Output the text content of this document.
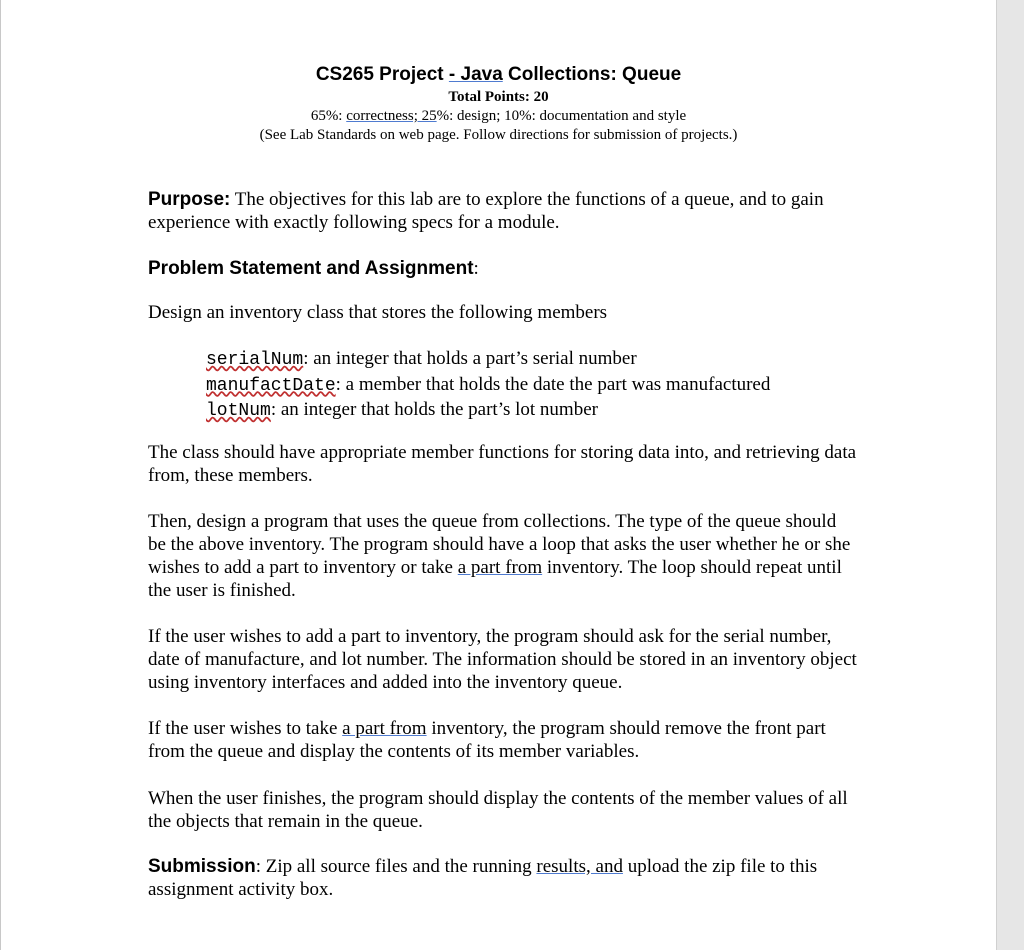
CS265 Project - Java Collections: Queue
Total Points: 20
65%: correctness; 25%: design; 10%: documentation and style
(See Lab Standards on web page. Follow directions for submission of projects.)
Purpose: The objectives for this lab are to explore the functions of a queue, and to gain experience with exactly following specs for a module.
Problem Statement and Assignment:
Design an inventory class that stores the following members
serialNum: an integer that holds a part’s serial number
manufactDate: a member that holds the date the part was manufactured
lotNum: an integer that holds the part’s lot number
The class should have appropriate member functions for storing data into, and retrieving data from, these members.
Then, design a program that uses the queue from collections. The type of the queue should be the above inventory. The program should have a loop that asks the user whether he or she wishes to add a part to inventory or take a part from inventory. The loop should repeat until the user is finished.
If the user wishes to add a part to inventory, the program should ask for the serial number, date of manufacture, and lot number. The information should be stored in an inventory object using inventory interfaces and added into the inventory queue.
If the user wishes to take a part from inventory, the program should remove the front part from the queue and display the contents of its member variables.
When the user finishes, the program should display the contents of the member values of all the objects that remain in the queue.
Submission: Zip all source files and the running results, and upload the zip file to this assignment activity box.
